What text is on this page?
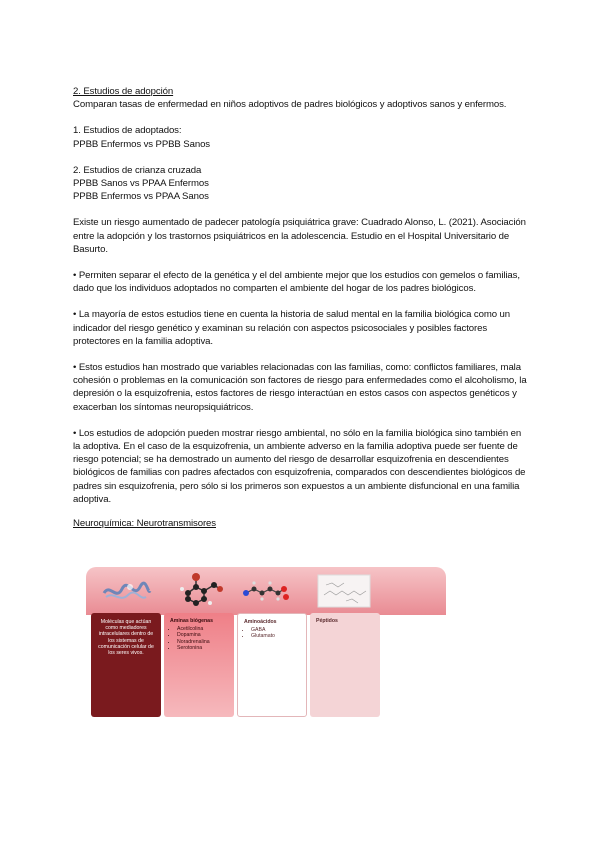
2. Estudios de adopción

Comparan tasas de enfermedad en niños adoptivos de padres biológicos y adoptivos sanos y enfermos.

1. Estudios de adoptados:

PPBB Enfermos vs PPBB Sanos

2. Estudios de crianza cruzada

PPBB Sanos vs PPAA Enfermos

PPBB Enfermos vs PPAA Sanos

Existe un riesgo aumentado de padecer patología psiquiátrica grave: Cuadrado Alonso, L. (2021). Asociación entre la adopción y los trastornos psiquiátricos en la adolescencia. Estudio en el Hospital Universitario de Basurto.

• Permiten separar el efecto de la genética y el del ambiente mejor que los estudios con gemelos o familias, dado que los individuos adoptados no comparten el ambiente del hogar de los padres biológicos.

• La mayoría de estos estudios tiene en cuenta la historia de salud mental en la familia biológica como un indicador del riesgo genético y examinan su relación con aspectos psicosociales y posibles factores protectores en la familia adoptiva.

• Estos estudios han mostrado que variables relacionadas con las familias, como: conflictos familiares, mala cohesión o problemas en la comunicación son factores de riesgo para enfermedades como el alcoholismo, la depresión o la esquizofrenia, estos factores de riesgo interactúan en estos casos con aspectos genéticos y exacerban los síntomas neuropsiquiátricos.

• Los estudios de adopción pueden mostrar riesgo ambiental, no sólo en la familia biológica sino también en la adoptiva. En el caso de la esquizofrenia, un ambiente adverso en la familia adoptiva puede ser fuente de riesgo potencial; se ha demostrado un aumento del riesgo de desarrollar esquizofrenia en descendientes biológicos de familias con padres afectados con esquizofrenia, comparados con descendientes biológicos de padres sin esquizofrenia, pero sólo si los primeros son expuestos a un ambiente disfuncional en una familia adoptiva.

Neuroquímica: Neurotransmisores

Moléculas que actúan como mediadores intracelulares dentro de los sistemas de comunicación celular de los seres vivos.
Aminas biógenas
• Acetilcolina
• Dopamina
• Noradrenalina
• Serotonina
Aminoácidos
• GABA
• Glutamato
Péptidos
